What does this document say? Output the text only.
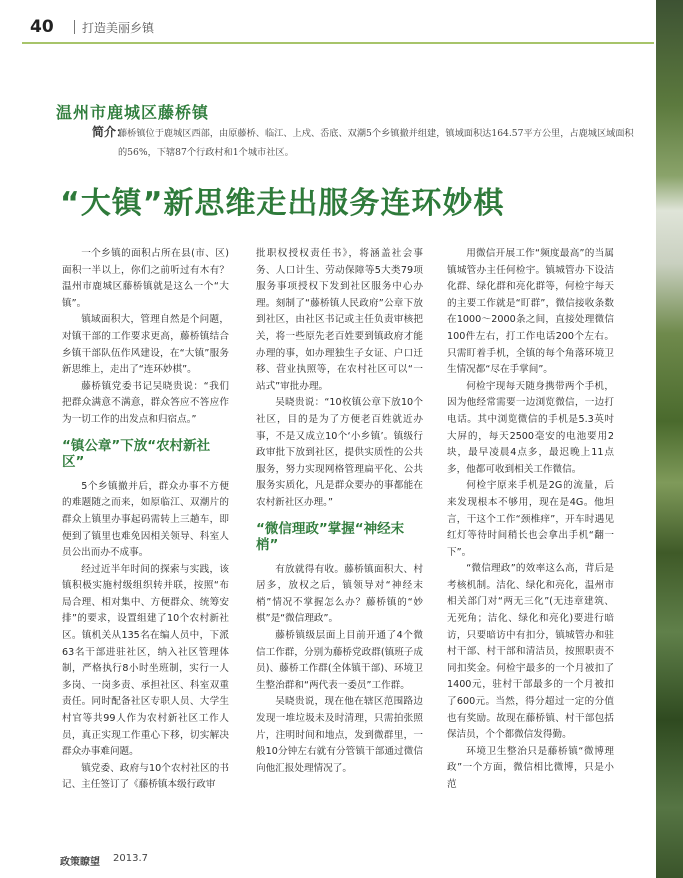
40 打造美丽乡镇
温州市鹿城区藤桥镇
简介：
藤桥镇位于鹿城区西部，由原藤桥、临江、上戍、岙底、双潮5个乡镇撤并组建，镇域面积达164.57平方公里，占鹿城区域面积的56%，下辖87个行政村和1个城市社区。
“大镇”新思维走出服务连环妙棋

一个乡镇的面积占所在县(市、区)面积一半以上，你们之前听过有木有？温州市鹿城区藤桥镇就是这么一个“大镇”。

镇域面积大，管理自然是个问题，对镇干部的工作要求更高，藤桥镇结合乡镇干部队伍作风建设，在“大镇”服务新思维上，走出了“连环妙棋”。

藤桥镇党委书记吴晓贵说：“我们把群众满意不满意，群众答应不答应作为一切工作的出发点和归宿点。”

“镇公章”下放“农村新社区”

5个乡镇撤并后，群众办事不方便的难题随之而来，如原临江、双潮片的群众上镇里办事起码需转上三趟车，即便到了镇里也难免因相关领导、科室人员公出而办不成事。

经过近半年时间的探索与实践，该镇积极实施村级组织转并联，按照“布局合理、相对集中、方便群众、统筹安排”的要求，设置组建了10个农村新社区。镇机关从135名在编人员中，下派63名干部进驻社区，纳入社区管理体制，严格执行8小时坐班制，实行一人多岗、一岗多责、承担社区、科室双重责任。同时配备社区专职人员、大学生村官等共99人作为农村新社区工作人员，真正实现工作重心下移，切实解决群众办事难问题。

镇党委、政府与10个农村社区的书记、主任签订了《藤桥镇本级行政审

批职权授权责任书》，将涵盖社会事务、人口计生、劳动保障等5大类79项服务事项授权下发到社区服务中心办理。刻制了“藤桥镇人民政府”公章下放到社区，由社区书记或主任负责审核把关，将一些原先老百姓要到镇政府才能办理的事，如办理独生子女证、户口迁移、营业执照等，在农村社区可以“一站式”审批办理。

吴晓贵说：“10枚镇公章下放10个社区，目的是为了方便老百姓就近办事，不是又成立10个‘小乡镇’。镇级行政审批下放到社区，提供实质性的公共服务，努力实现网格管理扁平化、公共服务实质化，凡是群众要办的事都能在农村新社区办理。”

“微信理政”掌握“神经末梢”

有放就得有收。藤桥镇面积大、村居多，放权之后，镇领导对“神经末梢”情况不掌握怎么办？藤桥镇的“妙棋”是“微信理政”。

藤桥镇级层面上目前开通了4个微信工作群，分别为藤桥党政群(镇班子成员)、藤桥工作群(全体镇干部)、环境卫生整治群和“两代表一委员”工作群。

吴晓贵说，现在他在辖区范围路边发现一堆垃圾未及时清理，只需拍张照片，注明时间和地点，发到微群里，一般10分钟左右就有分管镇干部通过微信向他汇报处理情况了。

用微信开展工作“频度最高”的当属镇城管办主任何检宇。镇城管办下设洁化群、绿化群和亮化群等，何检宇每天的主要工作就是“盯群”，微信接收条数在1000～2000条之间，直接处理微信100件左右，打工作电话200个左右。只需盯着手机，全镇的每个角落环境卫生情况都“尽在手掌间”。

何检宇现每天随身携带两个手机，因为他经常需要一边浏览微信，一边打电话。其中浏览微信的手机是5.3英吋大屏的，每天2500毫安的电池要用2块，最早凌晨4点多，最迟晚上11点多，他都可收到相关工作微信。

何检宇原来手机是2G的流量，后来发现根本不够用，现在是4G。他坦言，干这个工作“颈椎痒”，开车时遇见红灯等待时间稍长也会拿出手机“翻一下”。

“微信理政”的效率这么高，背后是考核机制。洁化、绿化和亮化，温州市相关部门对“两无三化”(无违章建筑、无死角；洁化、绿化和亮化)要进行暗访，只要暗访中有扣分，镇城管办和驻村干部、村干部和清洁员，按照职责不同扣奖金。何检宇最多的一个月被扣了1400元，驻村干部最多的一个月被扣了600元。当然，得分超过一定的分值也有奖励。故现在藤桥镇、村干部包括保洁员，个个都微信发得勤。

环境卫生整治只是藤桥镇“微博理政”一个方面，微信相比微博，只是小范

政策瞭望 2013.7
